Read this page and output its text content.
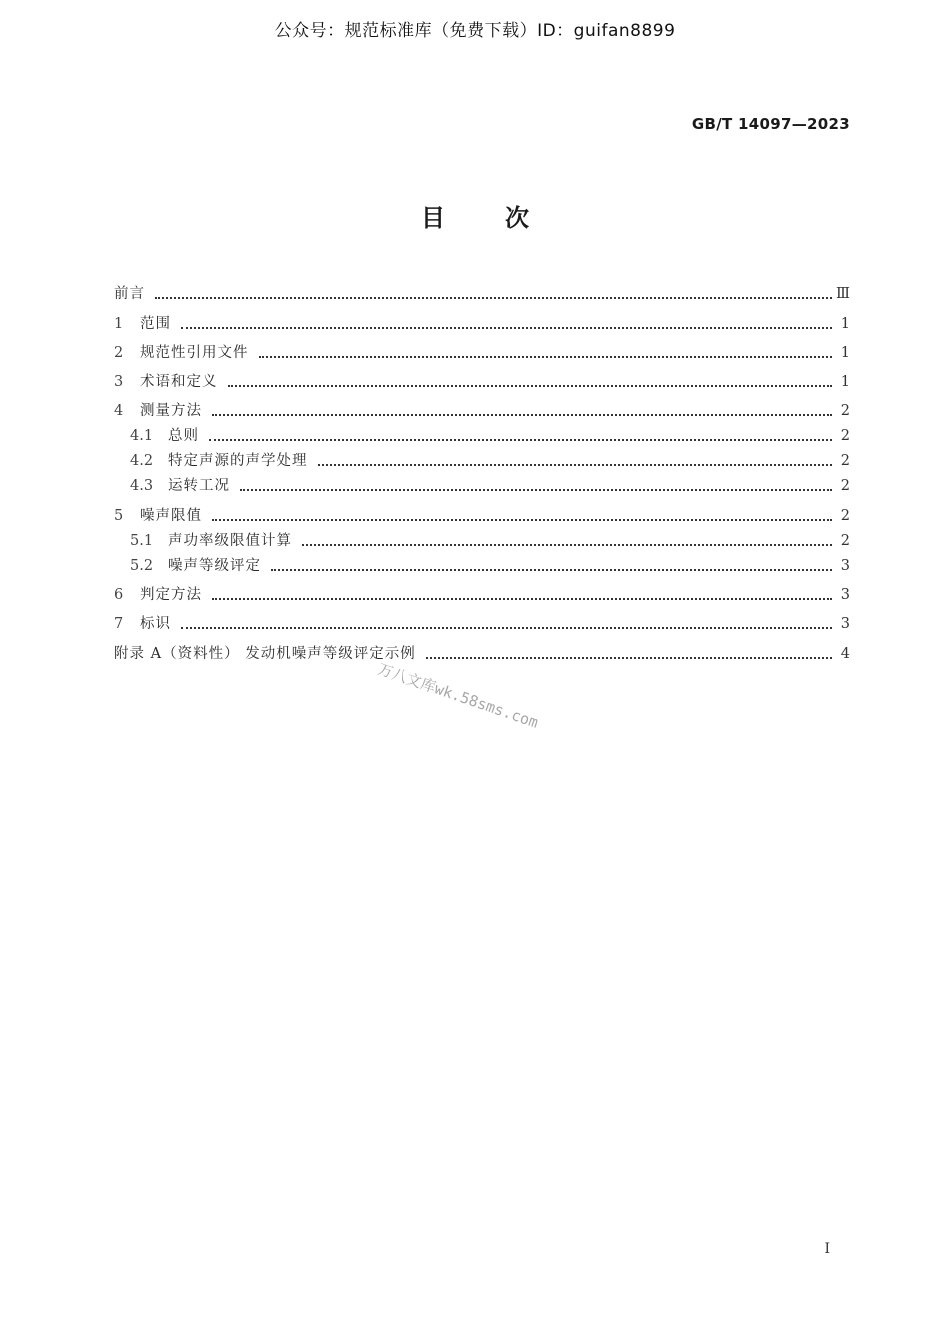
公众号：规范标准库（免费下载）ID：guifan8899
GB/T 14097—2023
目次
前言	Ⅲ
1	范围	1
2	规范性引用文件	1
3	术语和定义	1
4	测量方法	2
4.1	总则	2
4.2	特定声源的声学处理	2
4.3	运转工况	2
5	噪声限值	2
5.1	声功率级限值计算	2
5.2	噪声等级评定	3
6	判定方法	3
7	标识	3
附录 A（资料性） 发动机噪声等级评定示例	4
万八文库wk.58sms.com
I
